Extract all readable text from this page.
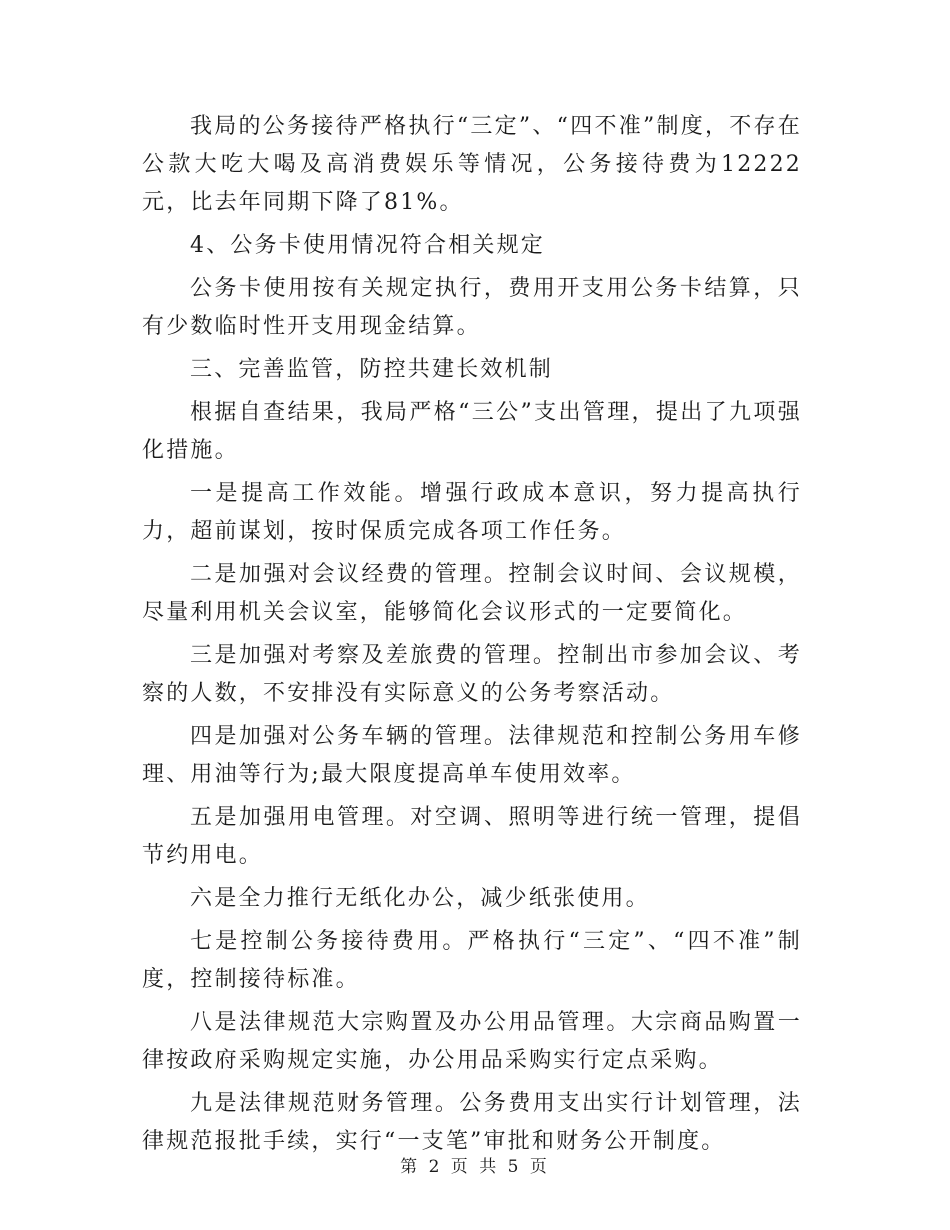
我局的公务接待严格执行“三定”、“四不准”制度，不存在公款大吃大喝及高消费娱乐等情况，公务接待费为12222元，比去年同期下降了81%。

4、公务卡使用情况符合相关规定

公务卡使用按有关规定执行，费用开支用公务卡结算，只有少数临时性开支用现金结算。

三、完善监管，防控共建长效机制

根据自查结果，我局严格“三公”支出管理，提出了九项强化措施。

一是提高工作效能。增强行政成本意识，努力提高执行力，超前谋划，按时保质完成各项工作任务。

二是加强对会议经费的管理。控制会议时间、会议规模，尽量利用机关会议室，能够简化会议形式的一定要简化。

三是加强对考察及差旅费的管理。控制出市参加会议、考察的人数，不安排没有实际意义的公务考察活动。

四是加强对公务车辆的管理。法律规范和控制公务用车修理、用油等行为;最大限度提高单车使用效率。

五是加强用电管理。对空调、照明等进行统一管理，提倡节约用电。

六是全力推行无纸化办公，减少纸张使用。

七是控制公务接待费用。严格执行“三定”、“四不准”制度，控制接待标准。

八是法律规范大宗购置及办公用品管理。大宗商品购置一律按政府采购规定实施，办公用品采购实行定点采购。

九是法律规范财务管理。公务费用支出实行计划管理，法律规范报批手续，实行“一支笔”审批和财务公开制度。

第 2 页 共 5 页
